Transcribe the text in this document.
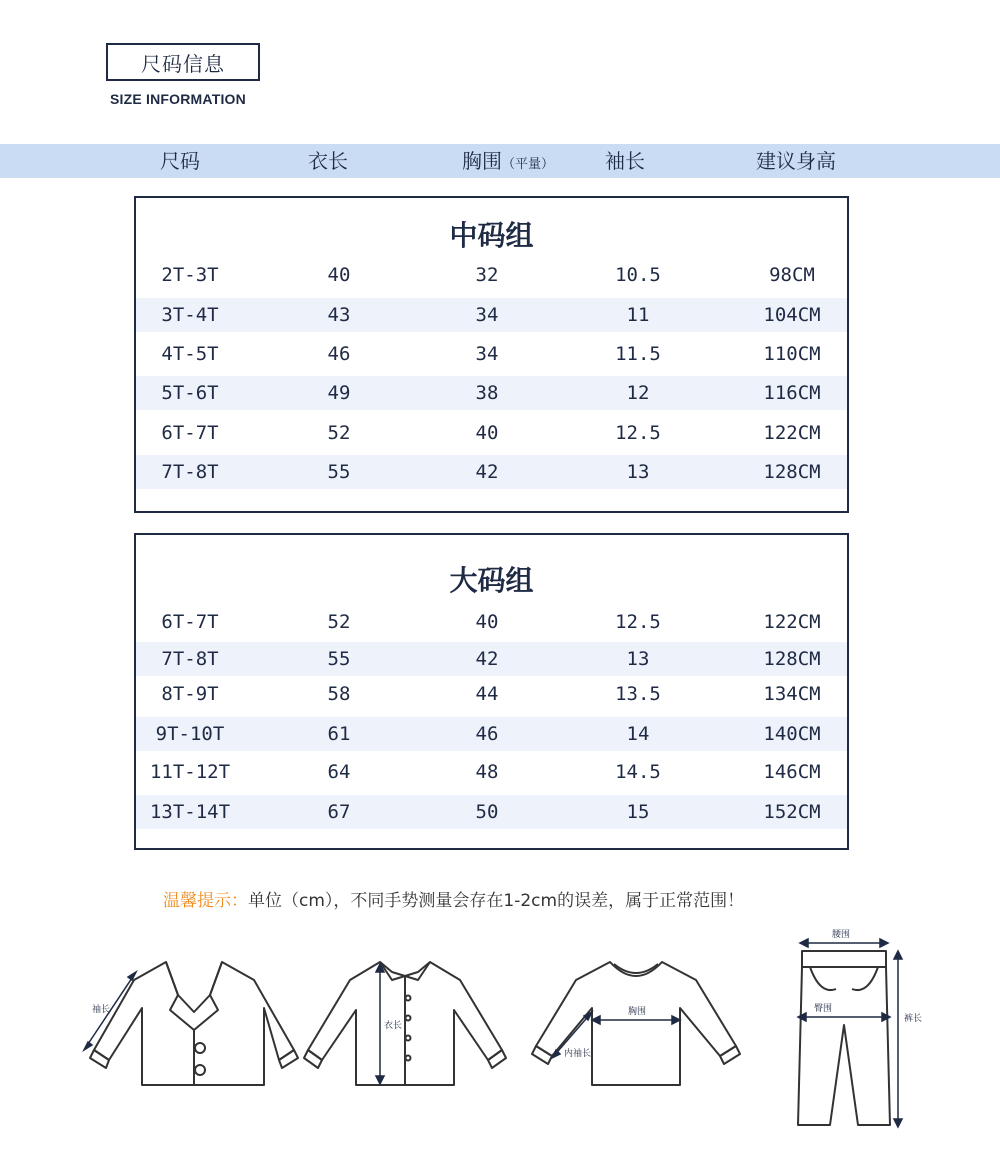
尺码信息
SIZE INFORMATION
尺码	衣长	胸围（平量）	袖长	建议身高
中码组
2T-3T	40	32	10.5	98CM
3T-4T	43	34	11	104CM
4T-5T	46	34	11.5	110CM
5T-6T	49	38	12	116CM
6T-7T	52	40	12.5	122CM
7T-8T	55	42	13	128CM
大码组
6T-7T	52	40	12.5	122CM
7T-8T	55	42	13	128CM
8T-9T	58	44	13.5	134CM
9T-10T	61	46	14	140CM
11T-12T	64	48	14.5	146CM
13T-14T	67	50	15	152CM
温馨提示：单位（cm），不同手势测量会存在1-2cm的误差，属于正常范围！
袖长
衣长
胸围
内袖长
腰围
臀围
裤长
